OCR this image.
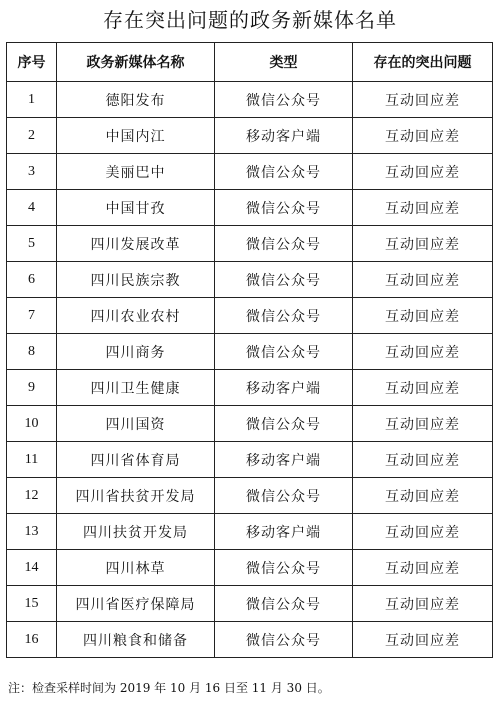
存在突出问题的政务新媒体名单
序号	政务新媒体名称	类型	存在的突出问题
1	德阳发布	微信公众号	互动回应差
2	中国内江	移动客户端	互动回应差
3	美丽巴中	微信公众号	互动回应差
4	中国甘孜	微信公众号	互动回应差
5	四川发展改革	微信公众号	互动回应差
6	四川民族宗教	微信公众号	互动回应差
7	四川农业农村	微信公众号	互动回应差
8	四川商务	微信公众号	互动回应差
9	四川卫生健康	移动客户端	互动回应差
10	四川国资	微信公众号	互动回应差
11	四川省体育局	移动客户端	互动回应差
12	四川省扶贫开发局	微信公众号	互动回应差
13	四川扶贫开发局	移动客户端	互动回应差
14	四川林草	微信公众号	互动回应差
15	四川省医疗保障局	微信公众号	互动回应差
16	四川粮食和储备	微信公众号	互动回应差
注：检查采样时间为 2019 年 10 月 16 日至 11 月 30 日。
